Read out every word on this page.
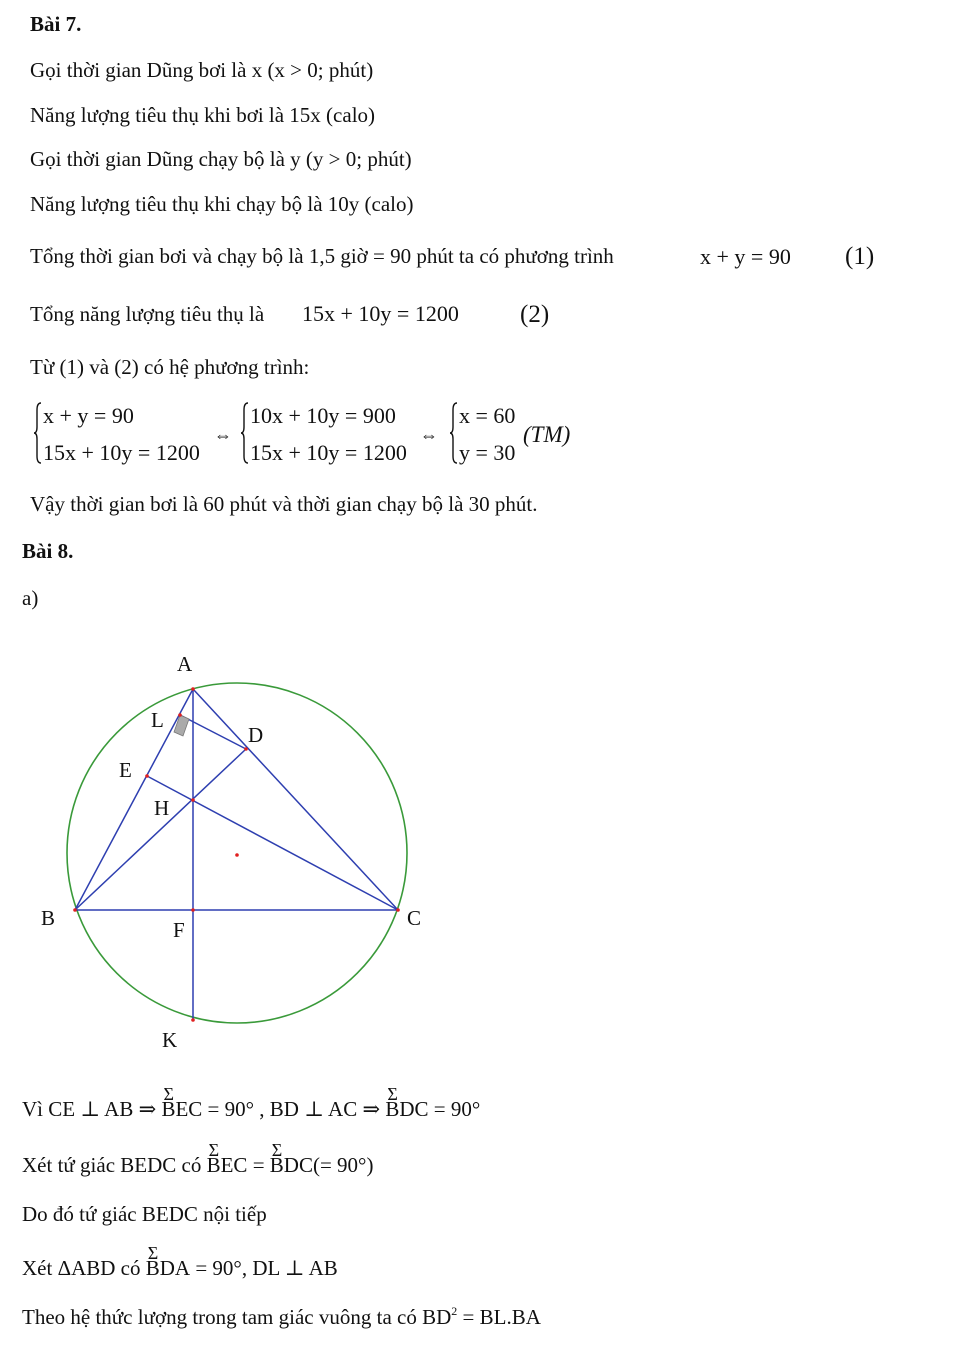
Bài 7.
Gọi thời gian Dũng bơi là x (x > 0; phút)
Năng lượng tiêu thụ khi bơi là 15x (calo)
Gọi thời gian Dũng chạy bộ là y (y > 0; phút)
Năng lượng tiêu thụ khi chạy bộ là 10y (calo)
Tổng thời gian bơi và chạy bộ là 1,5 giờ = 90 phút ta có phương trình	x + y = 90 (1)
Tổng năng lượng tiêu thụ là 15x + 10y = 1200 (2)
Từ (1) và (2) có hệ phương trình:
x + y = 90
15x + 10y = 1200
⇔
10x + 10y = 900
15x + 10y = 1200
⇔
x = 60
y = 30
(TM)
Vậy thời gian bơi là 60 phút và thời gian chạy bộ là 30 phút.
Bài 8.
a)
A
L
D
E
H
B	C
F
K
Vì CE ⊥ AB ⇒ Σ BEC = 90° , BD ⊥ AC ⇒ Σ BDC = 90°
Xét tứ giác BEDC có Σ BEC = Σ BDC(= 90°)
Do đó tứ giác BEDC nội tiếp
Xét ΔABD có Σ BDA = 90°, DL ⊥ AB
Theo hệ thức lượng trong tam giác vuông ta có $BD^2 = BL.BA$
